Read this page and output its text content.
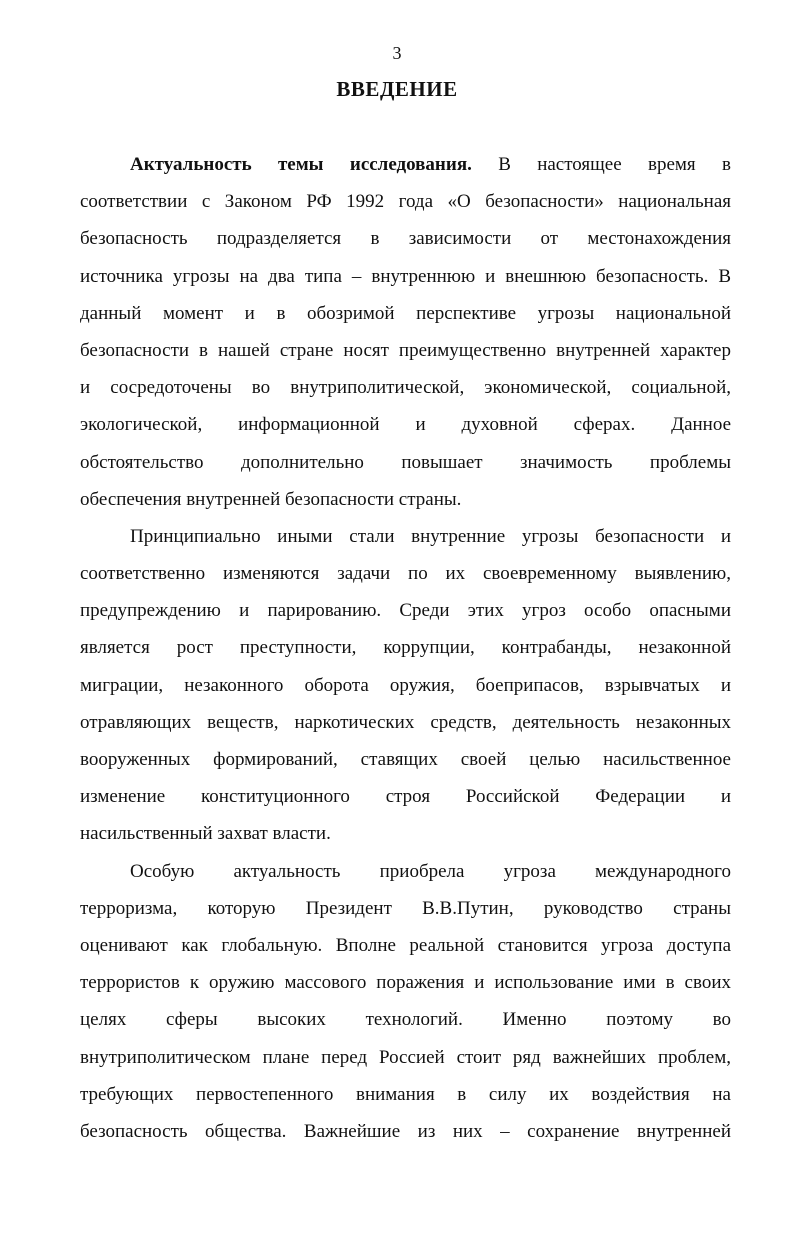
3
ВВЕДЕНИЕ
Актуальность темы исследования. В настоящее время в
соответствии с Законом РФ 1992 года «О безопасности» национальная
безопасность подразделяется в зависимости от местонахождения
источника угрозы на два типа – внутреннюю и внешнюю безопасность. В
данный момент и в обозримой перспективе угрозы национальной
безопасности в нашей стране носят преимущественно внутренней характер
и сосредоточены во внутриполитической, экономической, социальной,
экологической, информационной и духовной сферах. Данное
обстоятельство дополнительно повышает значимость проблемы
обеспечения внутренней безопасности страны.
Принципиально иными стали внутренние угрозы безопасности и
соответственно изменяются задачи по их своевременному выявлению,
предупреждению и парированию. Среди этих угроз особо опасными
является рост преступности, коррупции, контрабанды, незаконной
миграции, незаконного оборота оружия, боеприпасов, взрывчатых и
отравляющих веществ, наркотических средств, деятельность незаконных
вооруженных формирований, ставящих своей целью насильственное
изменение конституционного строя Российской Федерации и
насильственный захват власти.
Особую актуальность приобрела угроза международного
терроризма, которую Президент В.В.Путин, руководство страны
оценивают как глобальную. Вполне реальной становится угроза доступа
террористов к оружию массового поражения и использование ими в своих
целях сферы высоких технологий. Именно поэтому во
внутриполитическом плане перед Россией стоит ряд важнейших проблем,
требующих первостепенного внимания в силу их воздействия на
безопасность общества. Важнейшие из них – сохранение внутренней
